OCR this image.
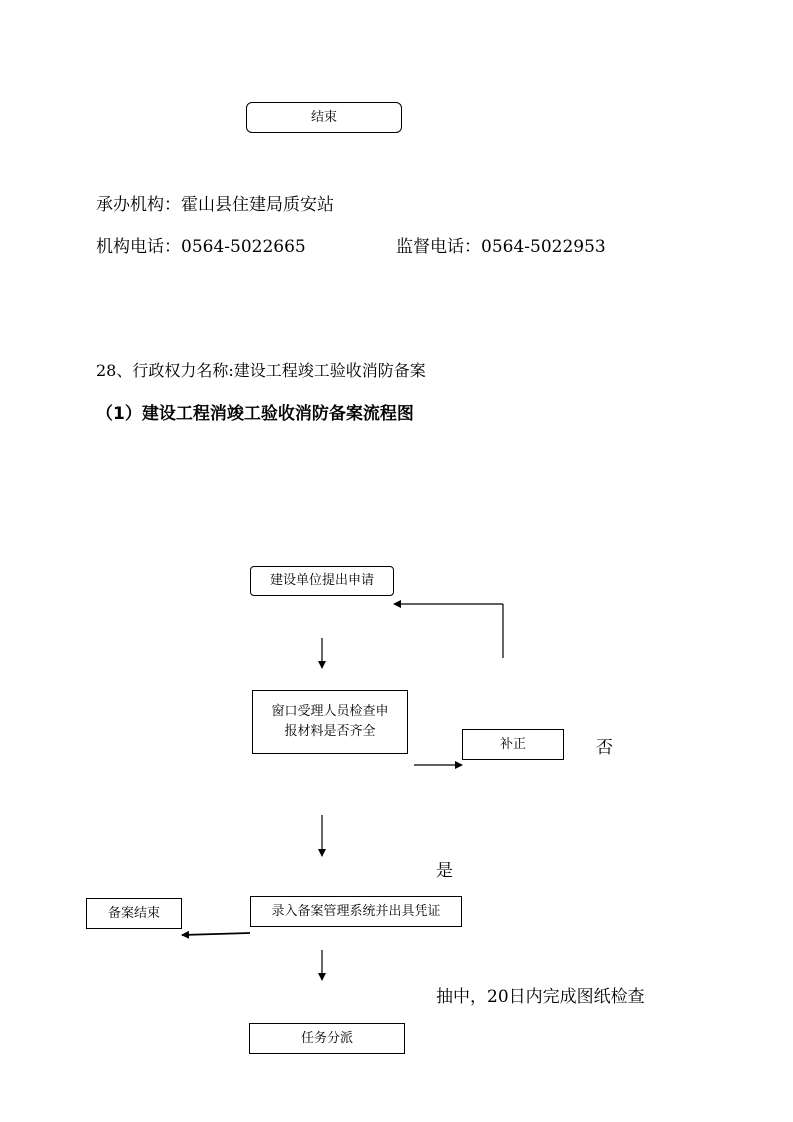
结束
承办机构：霍山县住建局质安站
机构电话：0564-5022665	监督电话：0564-5022953
28、行政权力名称:建设工程竣工验收消防备案
（1）建设工程消竣工验收消防备案流程图
建设单位提出申请
窗口受理人员检查申
报材料是否齐全
补正	否
是
录入备案管理系统并出具凭证
备案结束
抽中，20日内完成图纸检查
任务分派
